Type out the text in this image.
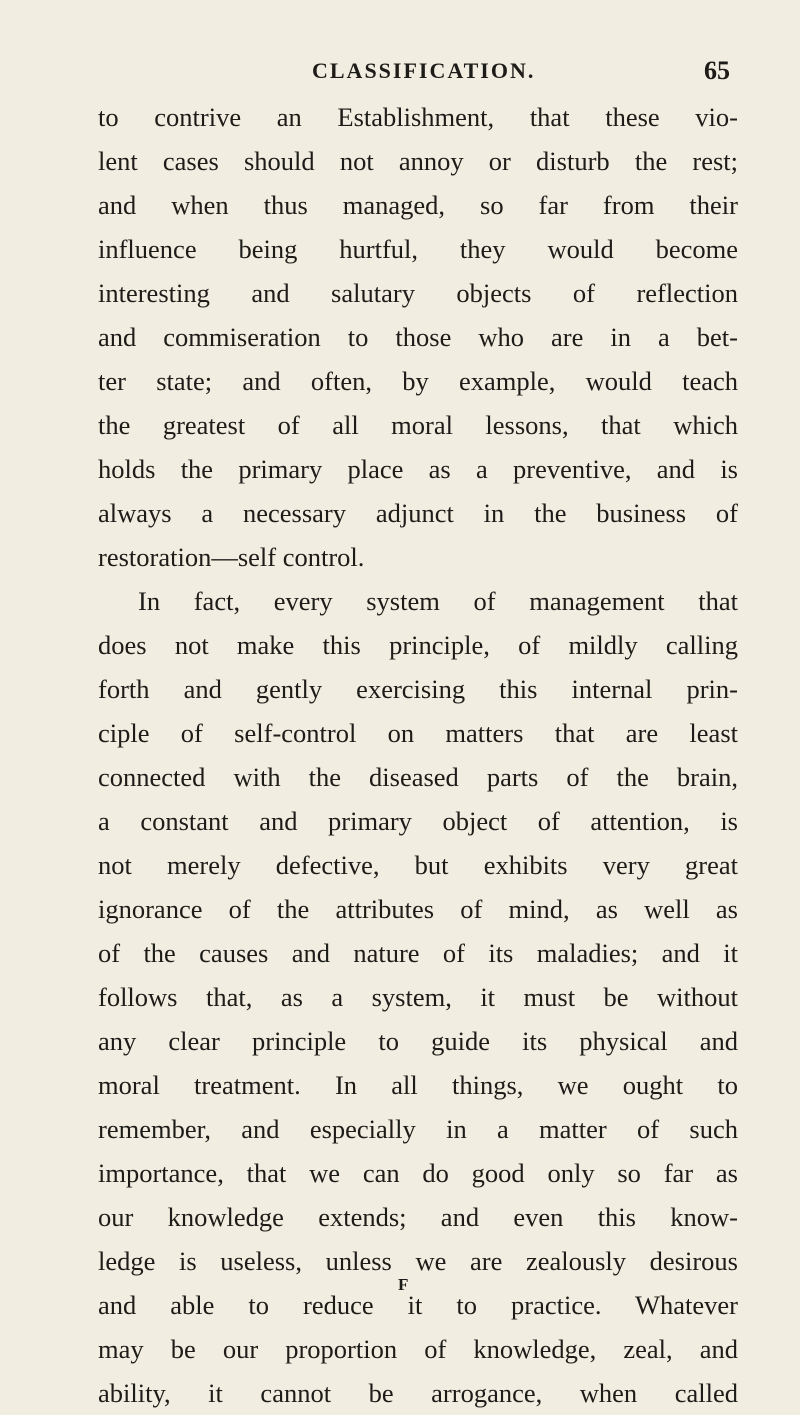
CLASSIFICATION.	65
to contrive an Establishment, that these vio-
lent cases should not annoy or disturb the rest;
and when thus managed, so far from their
influence being hurtful, they would become
interesting and salutary objects of reflection
and commiseration to those who are in a bet-
ter state; and often, by example, would teach
the greatest of all moral lessons, that which
holds the primary place as a preventive, and is
always a necessary adjunct in the business of
restoration—self control.
In fact, every system of management that
does not make this principle, of mildly calling
forth and gently exercising this internal prin-
ciple of self-control on matters that are least
connected with the diseased parts of the brain,
a constant and primary object of attention, is
not merely defective, but exhibits very great
ignorance of the attributes of mind, as well as
of the causes and nature of its maladies; and it
follows that, as a system, it must be without
any clear principle to guide its physical and
moral treatment. In all things, we ought to
remember, and especially in a matter of such
importance, that we can do good only so far as
our knowledge extends; and even this know-
ledge is useless, unless we are zealously desirous
and able to reduce it to practice. Whatever
may be our proportion of knowledge, zeal, and
ability, it cannot be arrogance, when called
F
